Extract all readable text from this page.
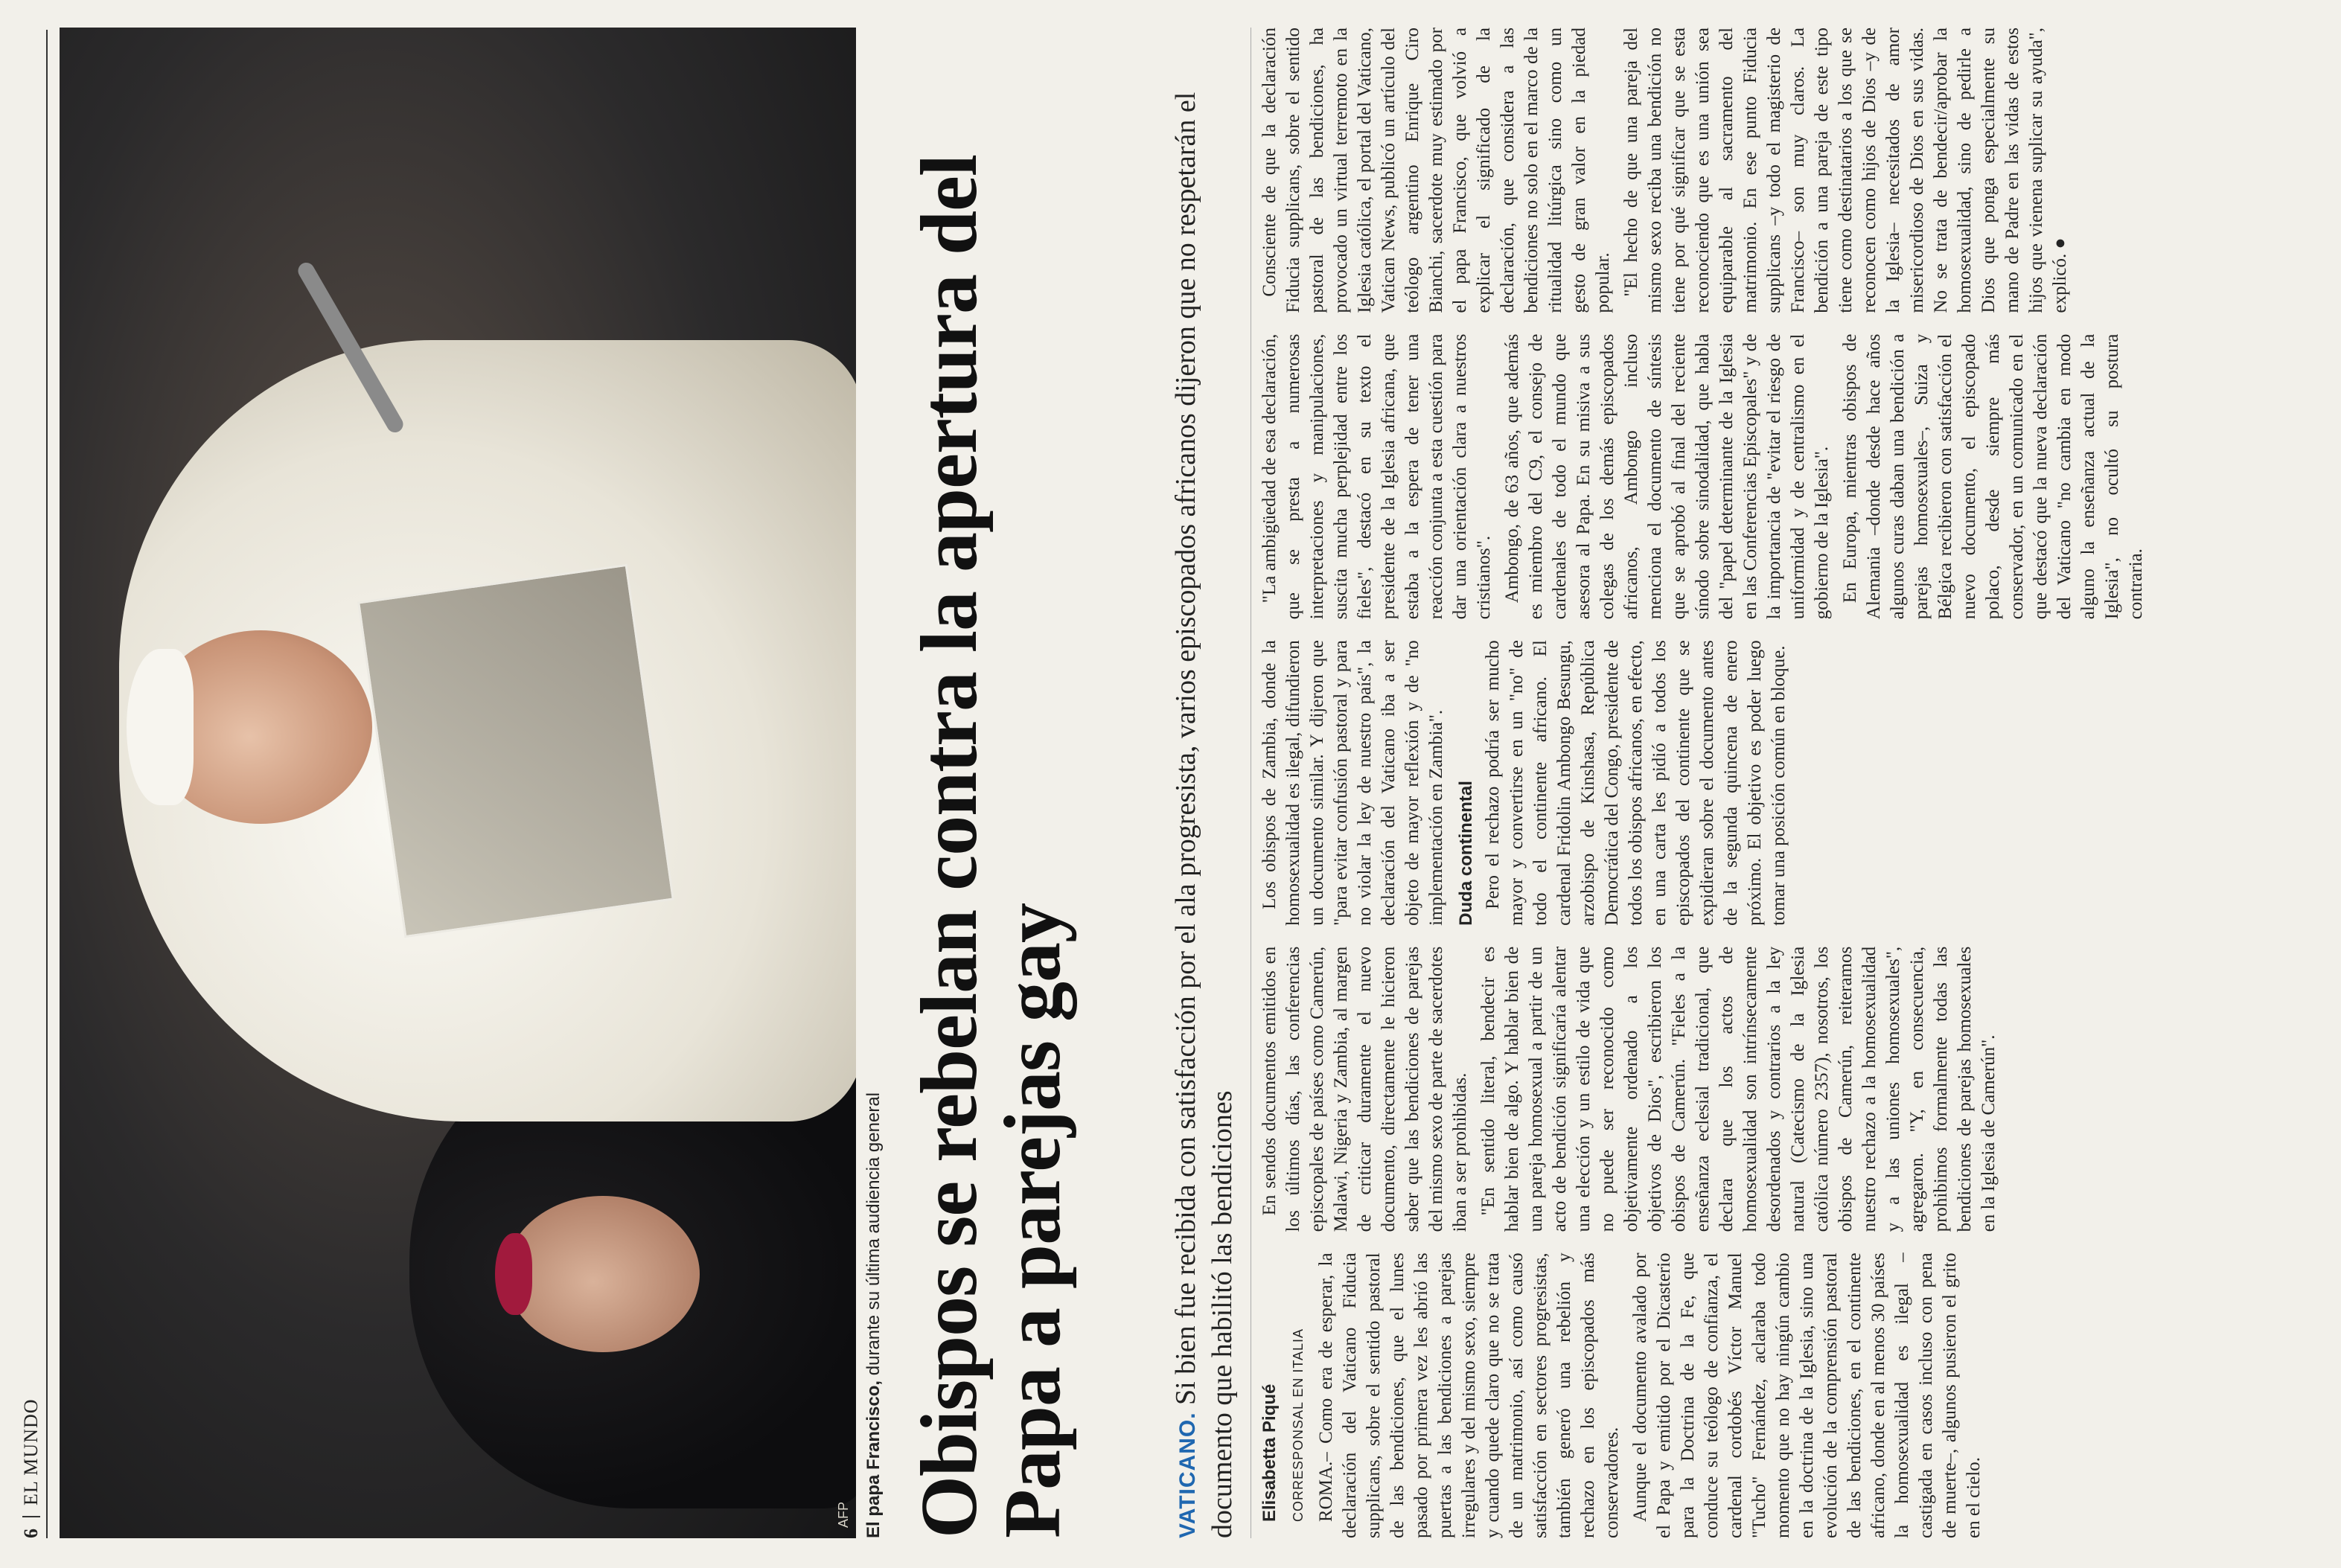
6
EL MUNDO
AFP El papa Francisco, durante su última audiencia general Obispos se rebelan contra la apertura del Papa a parejas gay	VATICANO. Si bien fue recibida con satisfacción por el ala progresista, varios episcopados africanos dijeron que no respetarán el documento que habilitó las bendiciones Elisabetta Piqué CORRESPONSAL EN ITALIA ROMA.– Como era de esperar, la declaración del Vaticano Fiducia supplicans, sobre el sentido pastoral de las bendiciones, que el lunes pasado por primera vez les abrió las puertas a las bendiciones a parejas irregulares y del mismo sexo, siempre y cuando quede claro que no se trata de un matrimonio, así como causó satisfacción en sectores progresistas, también generó una rebelión y rechazo en los episcopados más conservadores. Aunque el documento avalado por el Papa y emitido por el Dicasterio para la Doctrina de la Fe, que conduce su teólogo de confianza, el cardenal cordobés Víctor Manuel "Tucho" Fernández, aclaraba todo momento que no hay ningún cambio en la doctrina de la Iglesia, sino una evolución de la comprensión pastoral de las bendiciones, en el continente africano, donde en al menos 30 países la homosexualidad es ilegal –castigada en casos incluso con pena de muerte–, algunos pusieron el grito en el cielo.

En sendos documentos emitidos en los últimos días, las conferencias episcopales de países como Camerún, Malawi, Nigeria y Zambia, al margen de criticar duramente el nuevo documento, directamente le hicieron saber que las bendiciones de parejas del mismo sexo de parte de sacerdotes iban a ser prohibidas. "En sentido literal, bendecir es hablar bien de algo. Y hablar bien de una pareja homosexual a partir de un acto de bendición significaría alentar una elección y un estilo de vida que no puede ser reconocido como objetivamente ordenado a los objetivos de Dios", escribieron los obispos de Camerún. "Fieles a la enseñanza eclesial tradicional, que declara que los actos de homosexualidad son intrínsecamente desordenados y contrarios a la ley natural (Catecismo de la Iglesia católica número 2357), nosotros, los obispos de Camerún, reiteramos nuestro rechazo a la homosexualidad y a las uniones homosexuales", agregaron. "Y, en consecuencia, prohibimos formalmente todas las bendiciones de parejas homosexuales en la Iglesia de Camerún".

Los obispos de Zambia, donde la homosexualidad es ilegal, difundieron un documento similar. Y dijeron que "para evitar confusión pastoral y para no violar la ley de nuestro país", la declaración del Vaticano iba a ser objeto de mayor reflexión y de "no implementación en Zambia". Duda continental Pero el rechazo podría ser mucho mayor y convertirse en un "no" de todo el continente africano. El cardenal Fridolin Ambongo Besungu, arzobispo de Kinshasa, República Democrática del Congo, presidente de todos los obispos africanos, en efecto, en una carta les pidió a todos los episcopados del continente que se expidieran sobre el documento antes de la segunda quincena de enero próximo. El objetivo es poder luego tomar una posición común en bloque.

"La ambigüedad de esa declaración, que se presta a numerosas interpretaciones y manipulaciones, suscita mucha perplejidad entre los fieles", destacó en su texto el presidente de la Iglesia africana, que estaba a la espera de tener una reacción conjunta a esta cuestión para dar una orientación clara a nuestros cristianos". Ambongo, de 63 años, que además es miembro del C9, el consejo de cardenales de todo el mundo que asesora al Papa. En su misiva a sus colegas de los demás episcopados africanos, Ambongo incluso menciona el documento de síntesis que se aprobó al final del reciente sínodo sobre sinodalidad, que habla del "papel determinante de la Iglesia en las Conferencias Episcopales" y de la importancia de "evitar el riesgo de uniformidad y de centralismo en el gobierno de la Iglesia". En Europa, mientras obispos de Alemania –donde desde hace años algunos curas daban una bendición a parejas homosexuales–, Suiza y Bélgica recibieron con satisfacción el nuevo documento, el episcopado polaco, desde siempre más conservador, en un comunicado en el que destacó que la nueva declaración del Vaticano "no cambia en modo alguno la enseñanza actual de la Iglesia", no ocultó su postura contraria.

Consciente de que la declaración Fiducia supplicans, sobre el sentido pastoral de las bendiciones, ha provocado un virtual terremoto en la Iglesia católica, el portal del Vaticano, Vatican News, publicó un artículo del teólogo argentino Enrique Ciro Bianchi, sacerdote muy estimado por el papa Francisco, que volvió a explicar el significado de la declaración, que considera a las bendiciones no solo en el marco de la ritualidad litúrgica sino como un gesto de gran valor en la piedad popular. "El hecho de que una pareja del mismo sexo reciba una bendición no tiene por qué significar que se esta reconociendo que es una unión sea equiparable al sacramento del matrimonio. En ese punto Fiducia supplicans –y todo el magisterio de Francisco– son muy claros. La bendición a una pareja de este tipo tiene como destinatarios a los que se reconocen como hijos de Dios –y de la Iglesia– necesitados de amor misericordioso de Dios en sus vidas. No se trata de bendecir/aprobar la homosexualidad, sino de pedirle a Dios que ponga especialmente su mano de Padre en las vidas de estos hijos que vienena suplicar su ayuda", explicó. ●
